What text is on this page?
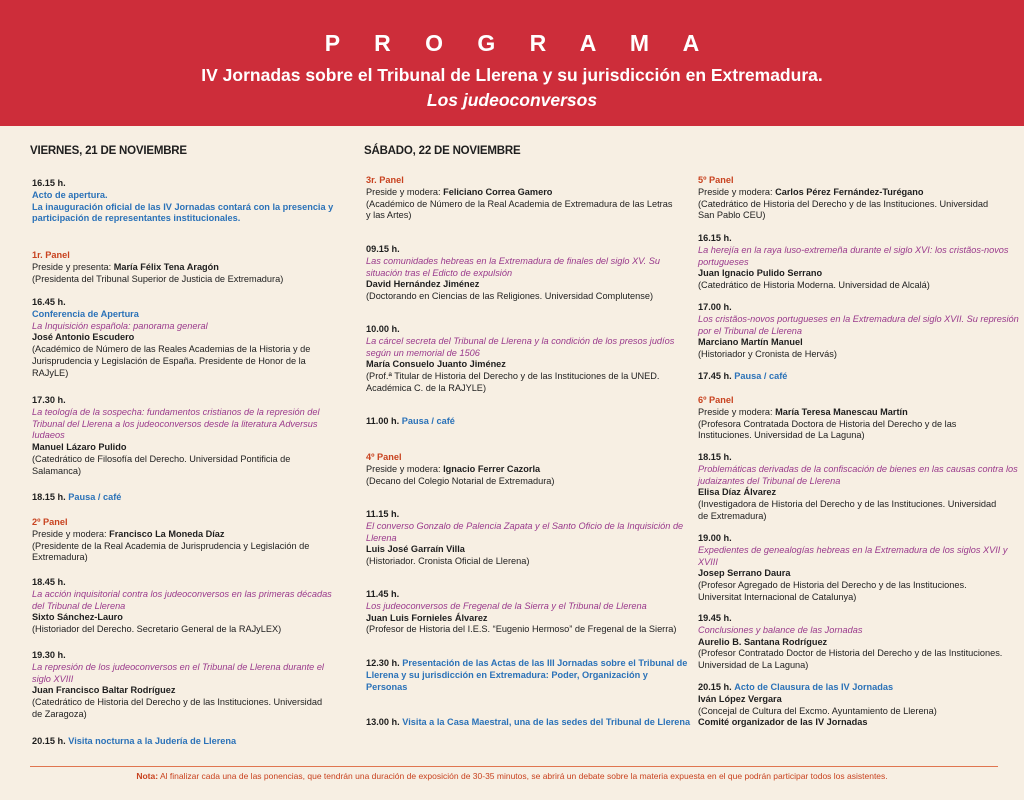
P R O G R A M A
IV Jornadas sobre el Tribunal de Llerena y su jurisdicción en Extremadura.
Los judeoconversos
VIERNES, 21 DE NOVIEMBRE
16.15 h.
Acto de apertura.
La inauguración oficial de las IV Jornadas contará con la presencia y
participación de representantes institucionales.
1r. Panel
Preside y presenta: María Félix Tena Aragón
(Presidenta del Tribunal Superior de Justicia de Extremadura)
16.45 h.
Conferencia de Apertura
La Inquisición española: panorama general
José Antonio Escudero
(Académico de Número de las Reales Academias de la Historia y de
Jurisprudencia y Legislación de España. Presidente de Honor de la
RAJyLE)
17.30 h.
La teología de la sospecha: fundamentos cristianos de la represión del
Tribunal del Llerena a los judeoconversos desde la literatura Adversus
Iudaeos
Manuel Lázaro Pulido
(Catedrático de Filosofía del Derecho. Universidad Pontificia de
Salamanca)
18.15 h. Pausa / café
2º Panel
Preside y modera: Francisco La Moneda Díaz
(Presidente de la Real Academia de Jurisprudencia y Legislación de
Extremadura)
18.45 h.
La acción inquisitorial contra los judeoconversos en las primeras décadas
del Tribunal de Llerena
Sixto Sánchez-Lauro
(Historiador del Derecho. Secretario General de la RAJyLEX)
19.30 h.
La represión de los judeoconversos en el Tribunal de Llerena durante el
siglo XVIII
Juan Francisco Baltar Rodríguez
(Catedrático de Historia del Derecho y de las Instituciones. Universidad
de Zaragoza)
20.15 h. Visita nocturna a la Judería de Llerena
SÁBADO, 22 DE NOVIEMBRE
3r. Panel
Preside y modera: Feliciano Correa Gamero
(Académico de Número de la Real Academia de Extremadura de las Letras
y las Artes)
09.15 h.
Las comunidades hebreas en la Extremadura de finales del siglo XV. Su
situación tras el Edicto de expulsión
David Hernández Jiménez
(Doctorando en Ciencias de las Religiones. Universidad Complutense)
10.00 h.
La cárcel secreta del Tribunal de Llerena y la condición de los presos judíos
según un memorial de 1506
María Consuelo Juanto Jiménez
(Prof.ª Titular de Historia del Derecho y de las Instituciones de la UNED.
Académica C. de la RAJYLE)
11.00 h. Pausa / café
4º Panel
Preside y modera: Ignacio Ferrer Cazorla
(Decano del Colegio Notarial de Extremadura)
11.15 h.
El converso Gonzalo de Palencia Zapata y el Santo Oficio de la Inquisición de
Llerena
Luis José Garraín Villa
(Historiador. Cronista Oficial de Llerena)
11.45 h.
Los judeoconversos de Fregenal de la Sierra y el Tribunal de Llerena
Juan Luis Fornieles Álvarez
(Profesor de Historia del I.E.S. “Eugenio Hermoso” de Fregenal de la Sierra)
12.30 h. Presentación de las Actas de las III Jornadas sobre el Tribunal de
Llerena y su jurisdicción en Extremadura: Poder, Organización y
Personas
13.00 h. Visita a la Casa Maestral, una de las sedes del Tribunal de Llerena
5º Panel
Preside y modera: Carlos Pérez Fernández-Turégano
(Catedrático de Historia del Derecho y de las Instituciones. Universidad
San Pablo CEU)
16.15 h.
La herejía en la raya luso-extremeña durante el siglo XVI: los cristãos-novos
portugueses
Juan Ignacio Pulido Serrano
(Catedrático de Historia Moderna. Universidad de Alcalá)
17.00 h.
Los cristãos-novos portugueses en la Extremadura del siglo XVII. Su represión
por el Tribunal de Llerena
Marciano Martín Manuel
(Historiador y Cronista de Hervás)
17.45 h. Pausa / café
6º Panel
Preside y modera: María Teresa Manescau Martín
(Profesora Contratada Doctora de Historia del Derecho y de las
Instituciones. Universidad de La Laguna)
18.15 h.
Problemáticas derivadas de la confiscación de bienes en las causas contra los
judaizantes del Tribunal de Llerena
Elisa Díaz Álvarez
(Investigadora de Historia del Derecho y de las Instituciones. Universidad
de Extremadura)
19.00 h.
Expedientes de genealogías hebreas en la Extremadura de los siglos XVII y
XVIII
Josep Serrano Daura
(Profesor Agregado de Historia del Derecho y de las Instituciones.
Universitat Internacional de Catalunya)
19.45 h.
Conclusiones y balance de las Jornadas
Aurelio B. Santana Rodríguez
(Profesor Contratado Doctor de Historia del Derecho y de las Instituciones.
Universidad de La Laguna)
20.15 h. Acto de Clausura de las IV Jornadas
Iván López Vergara
(Concejal de Cultura del Excmo. Ayuntamiento de Llerena)
Comité organizador de las IV Jornadas
Nota: Al finalizar cada una de las ponencias, que tendrán una duración de exposición de 30-35 minutos, se abrirá un debate sobre la materia expuesta en el que podrán participar todos los asistentes.
